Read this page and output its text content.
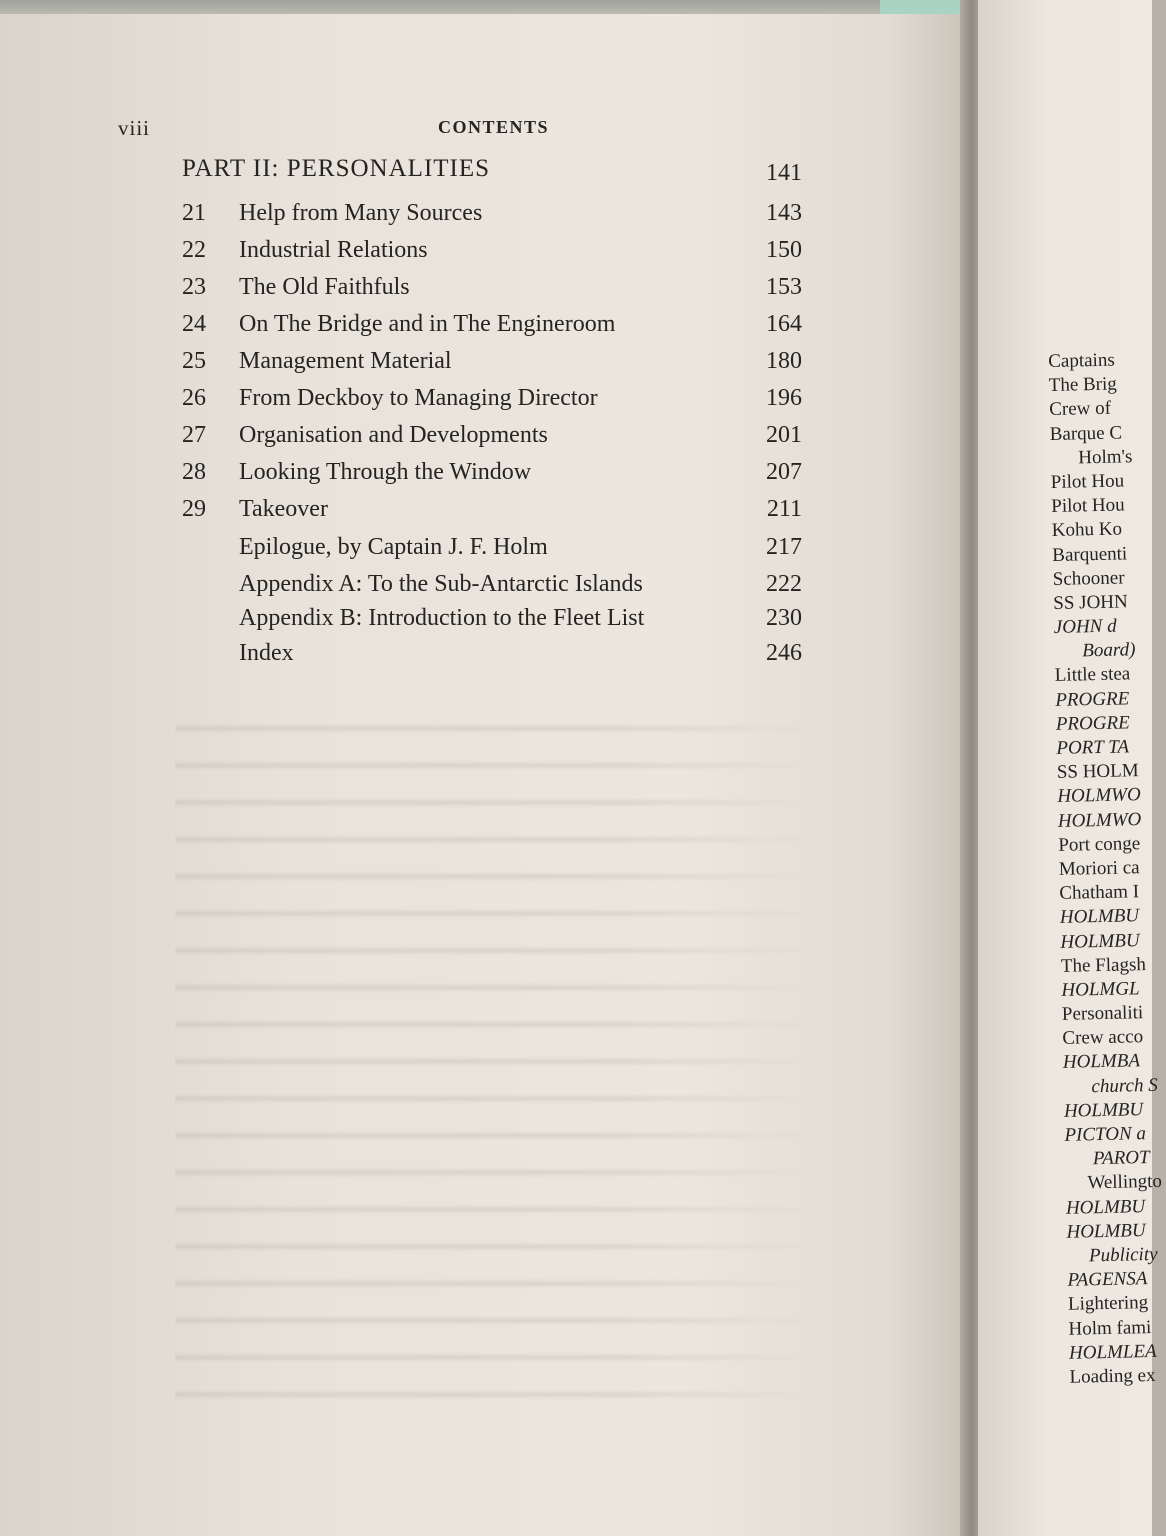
viii	CONTENTS
PART II: PERSONALITIES	141
21 Help from Many Sources	143
22 Industrial Relations	150
23 The Old Faithfuls	153
24 On The Bridge and in The Engineroom	164
25 Management Material	180
26 From Deckboy to Managing Director	196
27 Organisation and Developments	201
28 Looking Through the Window	207
29 Takeover	211
Epilogue, by Captain J. F. Holm	217
Appendix A: To the Sub-Antarctic Islands	222
Appendix B: Introduction to the Fleet List	230
Index	246
Captains
The Brig
Crew of
Barque C
Holm's
Pilot Hou
Pilot Hou
Kohu Ko
Barquenti
Schooner
SS JOHN
JOHN d
Board)
Little stea
PROGRE
PROGRE
PORT TA
SS HOLM
HOLMWO
HOLMWO
Port conge
Moriori ca
Chatham I
HOLMBU
HOLMBU
The Flagsh
HOLMGL
Personaliti
Crew acco
HOLMBA
church S
HOLMBU
PICTON a
PAROT
Wellingto
HOLMBU
HOLMBU
Publicity
PAGENSA
Lightering
Holm fami
HOLMLEA
Loading ex
